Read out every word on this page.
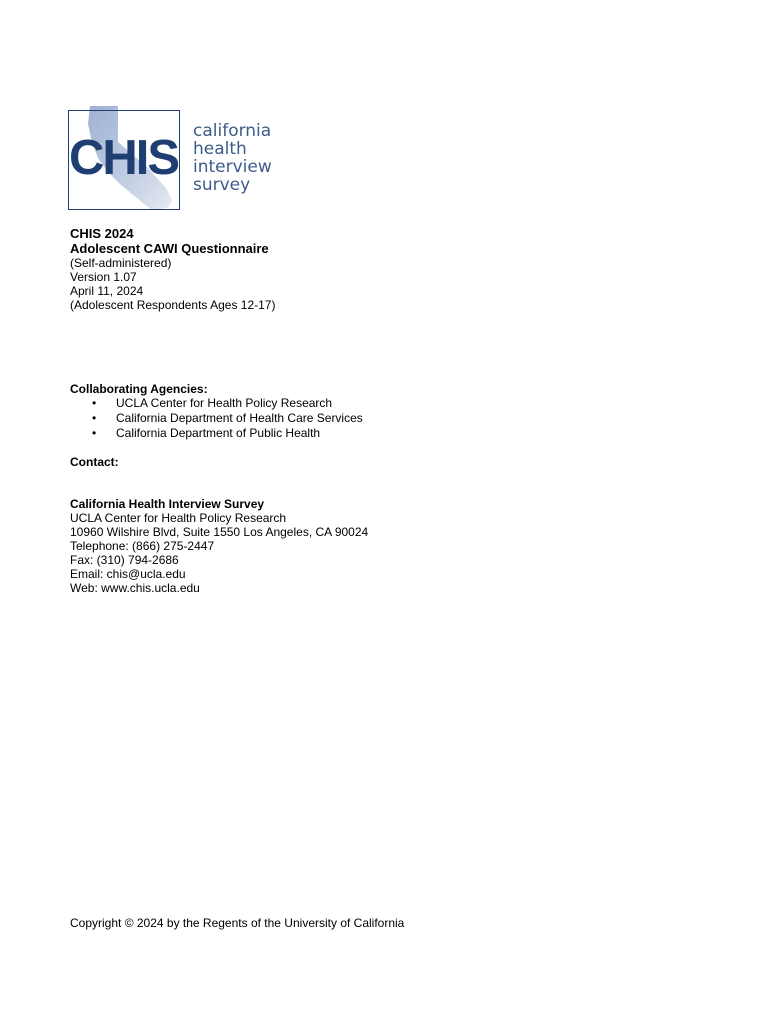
CHIS california
health
interview
survey
CHIS 2024
Adolescent CAWI Questionnaire
(Self-administered)
Version 1.07
April 11, 2024
(Adolescent Respondents Ages 12-17)
Collaborating Agencies:
• UCLA Center for Health Policy Research
• California Department of Health Care Services
• California Department of Public Health
Contact:
California Health Interview Survey
UCLA Center for Health Policy Research
10960 Wilshire Blvd, Suite 1550 Los Angeles, CA 90024
Telephone: (866) 275-2447
Fax: (310) 794-2686
Email: chis@ucla.edu
Web: www.chis.ucla.edu
Copyright © 2024 by the Regents of the University of California
